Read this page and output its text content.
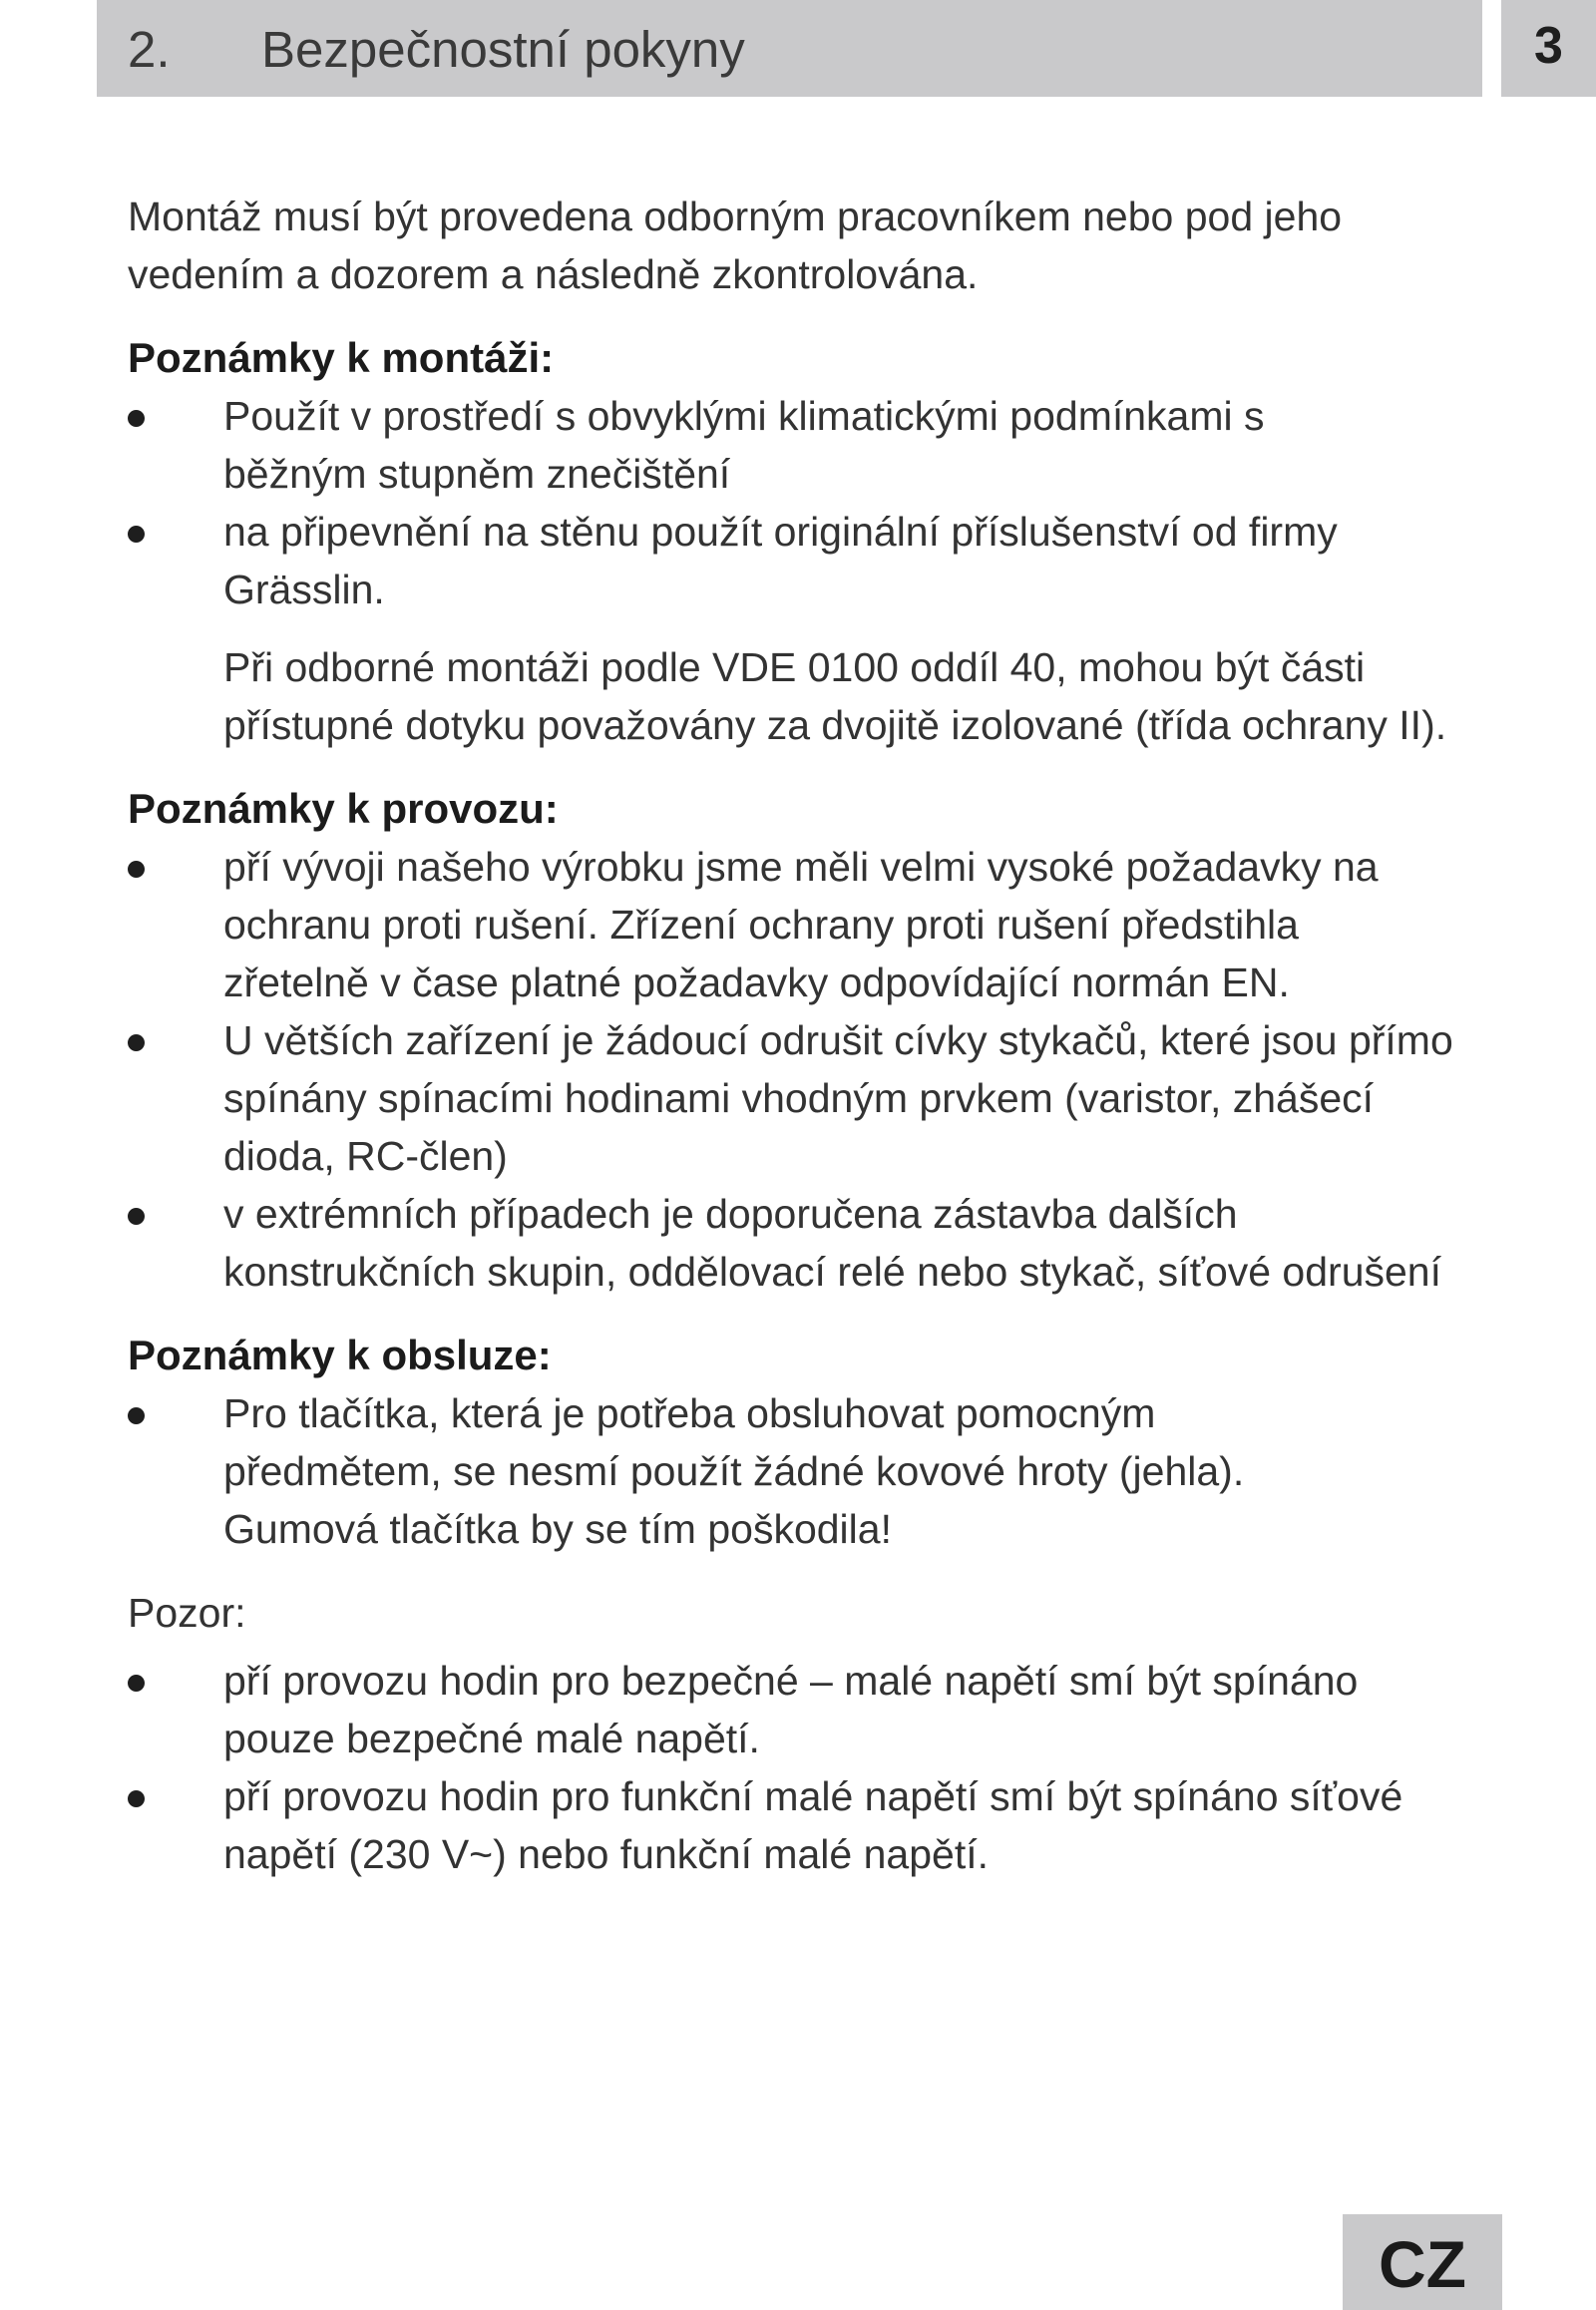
2. Bezpečnostní pokyny	3

Montáž musí být provedena odborným pracovníkem nebo pod jeho vedením a dozorem a následně zkontrolována.

Poznámky k montáži:

Použít v prostředí s obvyklými klimatickými podmínkami s běžným stupněm znečištění
na připevnění na stěnu použít originální příslušenství od firmy Grässlin.

Při odborné montáži podle VDE 0100 oddíl 40, mohou být části přístupné dotyku považovány za dvojitě izolované (třída ochrany II).

Poznámky k provozu:

pří vývoji našeho výrobku jsme měli velmi vysoké požadavky na ochranu proti rušení. Zřízení ochrany proti rušení předstihla zřetelně v čase platné požadavky odpovídající normán EN.
U větších zařízení je žádoucí odrušit cívky stykačů, které jsou přímo spínány spínacími hodinami vhodným prvkem (varistor, zhášecí dioda, RC-člen)
v extrémních případech je doporučena zástavba dalších konstrukčních skupin, oddělovací relé nebo stykač, síťové odrušení

Poznámky k obsluze:

Pro tlačítka, která je potřeba obsluhovat pomocným předmětem, se nesmí použít žádné kovové hroty (jehla). Gumová tlačítka by se tím poškodila!

Pozor:

pří provozu hodin pro bezpečné – malé napětí smí být spínáno pouze bezpečné malé napětí.
pří provozu hodin pro funkční malé napětí smí být spínáno síťové napětí (230 V~) nebo funkční malé napětí.
CZ
